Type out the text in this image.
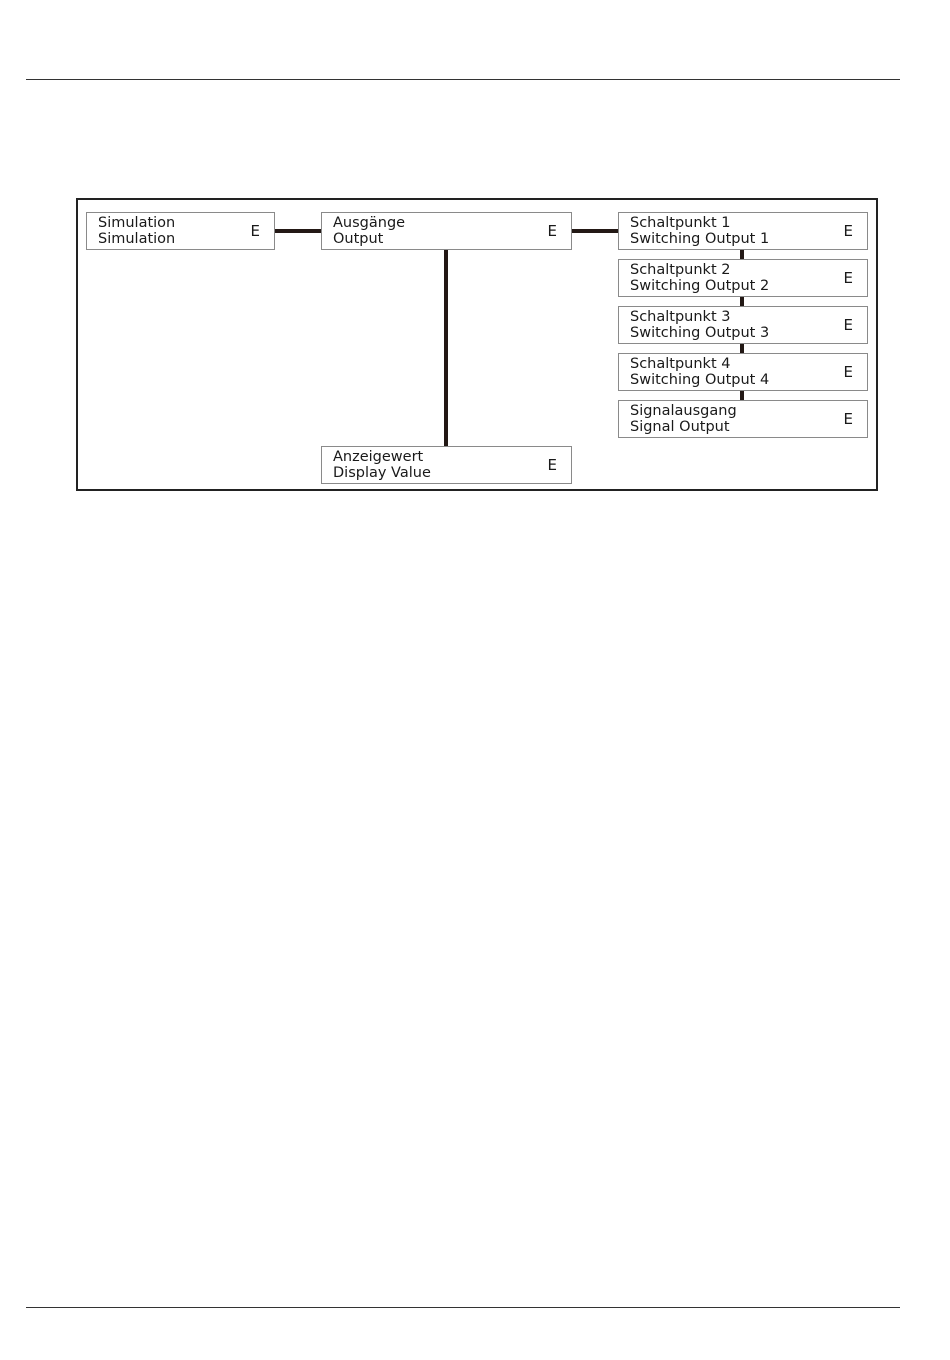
Simulation
Simulation	E	Ausgänge
Output	E
Anzeigewert
Display Value	E
Schaltpunkt 1
Switching Output 1	E
Schaltpunkt 2
Switching Output 2	E
Schaltpunkt 3
Switching Output 3	E
Schaltpunkt 4
Switching Output 4	E
Signalausgang
Signal Output	E
